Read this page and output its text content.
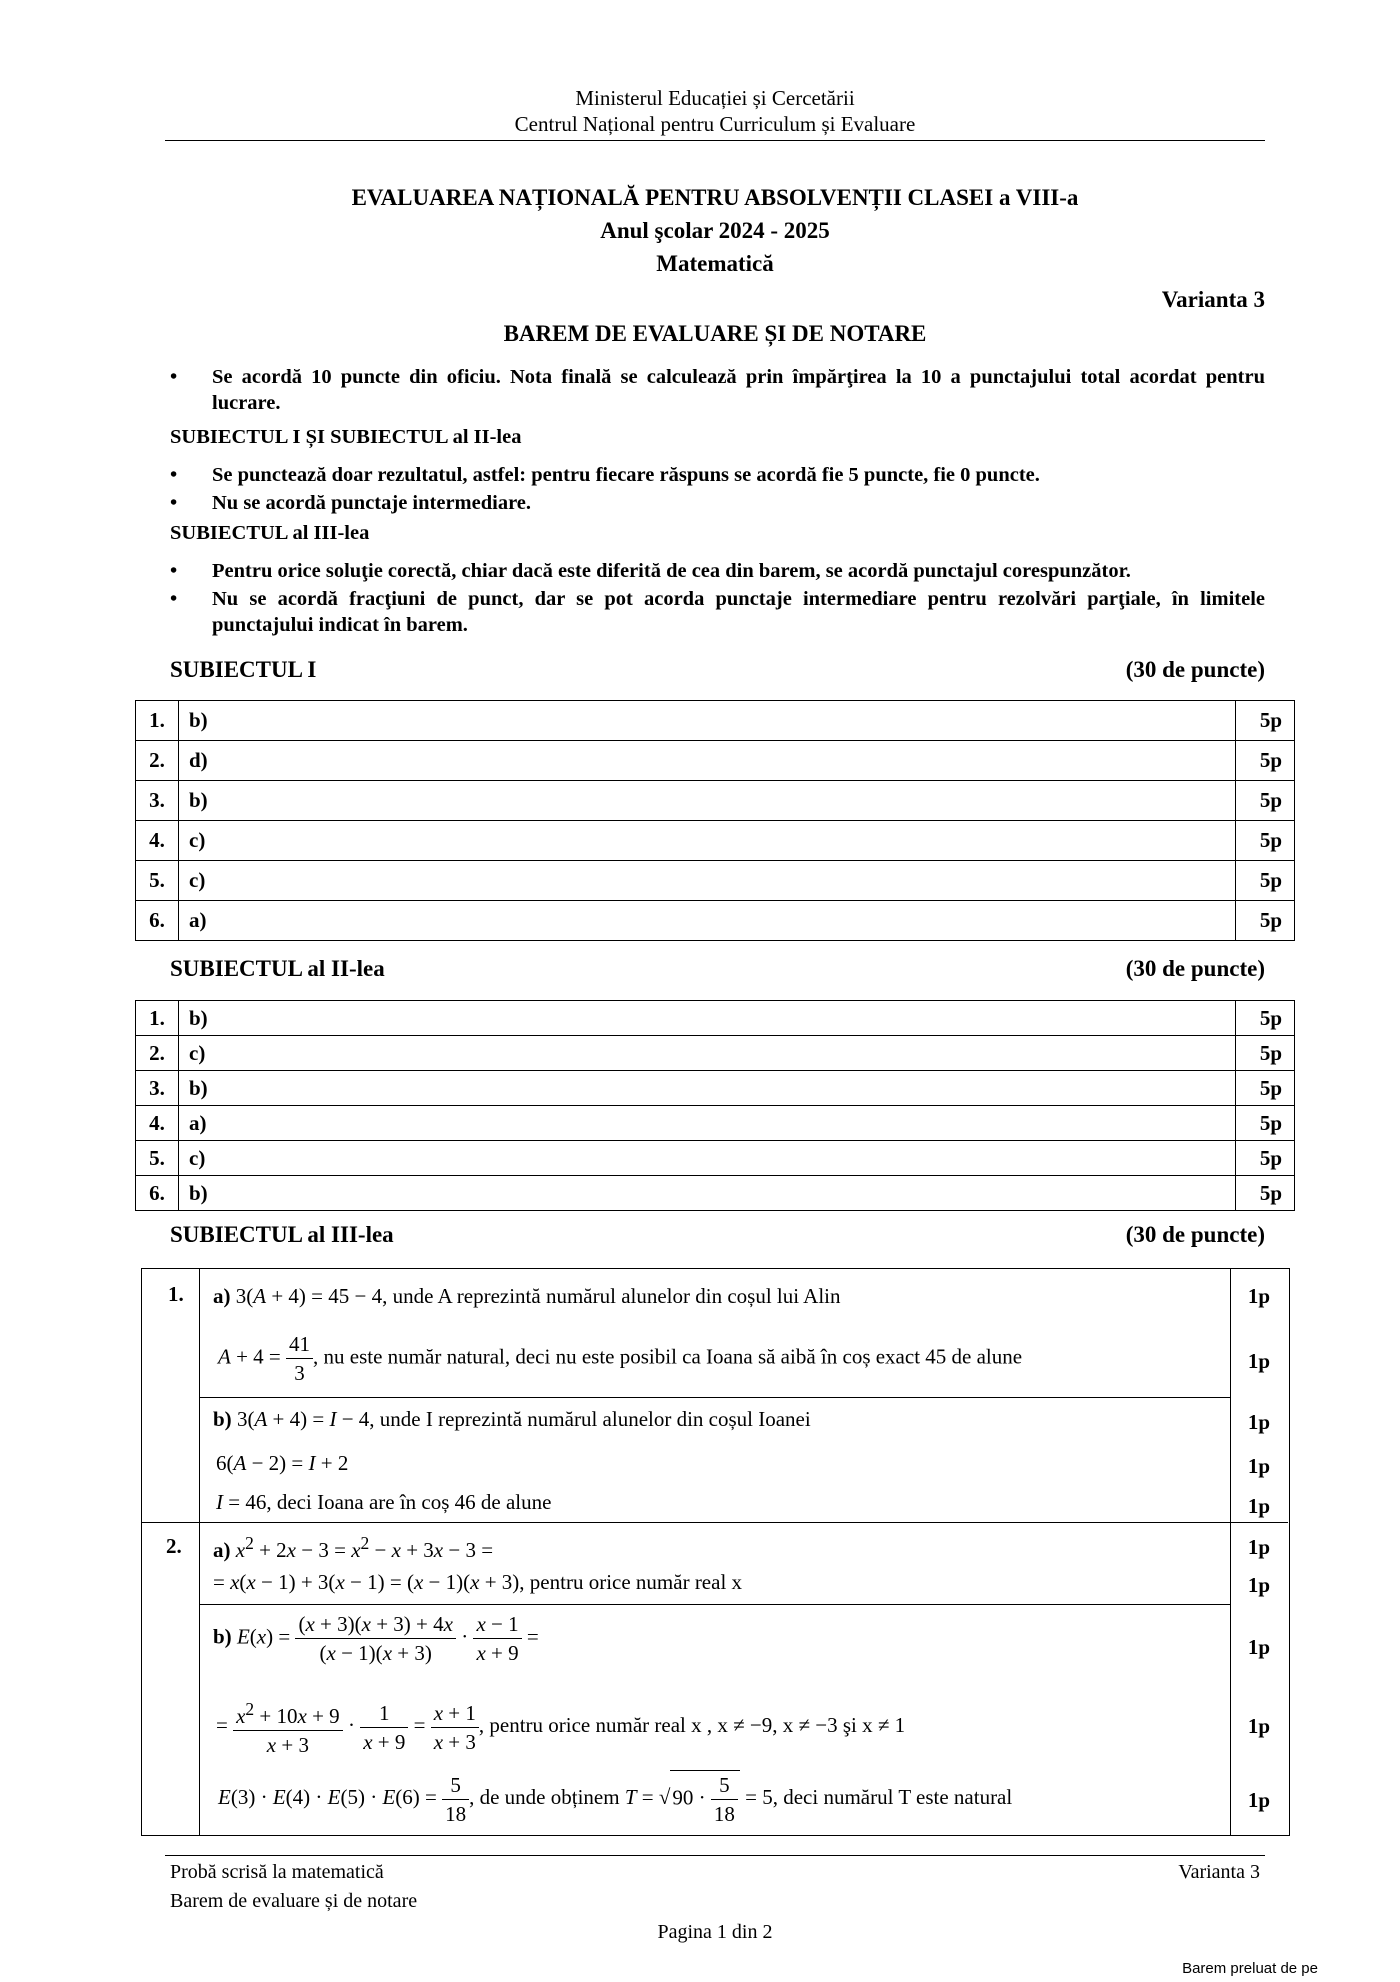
Ministerul Educației și Cercetării
Centrul Național pentru Curriculum și Evaluare
EVALUAREA NAȚIONALĂ PENTRU ABSOLVENȚII CLASEI a VIII-a
Anul şcolar 2024 - 2025
Matematică
Varianta 3
BAREM DE EVALUARE ȘI DE NOTARE
• Se acordă 10 puncte din oficiu. Nota finală se calculează prin împărţirea la 10 a punctajului total acordat pentru lucrare.
SUBIECTUL I ȘI SUBIECTUL al II-lea
• Se punctează doar rezultatul, astfel: pentru fiecare răspuns se acordă fie 5 puncte, fie 0 puncte.
• Nu se acordă punctaje intermediare.
SUBIECTUL al III-lea
• Pentru orice soluţie corectă, chiar dacă este diferită de cea din barem, se acordă punctajul corespunzător.
• Nu se acordă fracţiuni de punct, dar se pot acorda punctaje intermediare pentru rezolvări parţiale, în limitele punctajului indicat în barem.
SUBIECTUL I	(30 de puncte)
1.	b)	5p
2.	d)	5p
3.	b)	5p
4.	c)	5p
5.	c)	5p
6.	a)	5p
SUBIECTUL al II-lea	(30 de puncte)
1.	b)	5p
2.	c)	5p
3.	b)	5p
4.	a)	5p
5.	c)	5p
6.	b)	5p
SUBIECTUL al III-lea	(30 de puncte)
1. a) 3(A + 4) = 45 − 4, unde A reprezintă numărul alunelor din coșul lui Alin	1p
$A + 4 = \frac{41}{3}$ , nu este număr natural, deci nu este posibil ca Ioana să aibă în coș exact 45 de alune	1p
b) 3(A + 4) = I − 4, unde I reprezintă numărul alunelor din coșul Ioanei	1p
6(A − 2) = I + 2	1p
I = 46, deci Ioana are în coș 46 de alune	1p
2. a) $x^2 + 2x - 3 = x^2 - x + 3x - 3$ =	1p
= x(x − 1) + 3(x − 1) = (x − 1)(x + 3), pentru orice număr real x	1p
b) $E(x) = \frac{(x + 3)(x + 3) + 4x}{(x - 1)(x + 3)} \cdot \frac{x - 1}{x + 9}$ =	1p
= $\frac{x^2 + 10x + 9}{x + 3} \cdot \frac{1}{x + 9} = \frac{x + 1}{x + 3}$ , pentru orice număr real x , x ≠ −9, x ≠ −3 şi x ≠ 1	1p
$E(3) \cdot E(4) \cdot E(5) \cdot E(6) = \frac{5}{18}$ , de unde obținem $T = √90 \cdot \frac{5}{18} = 5$, deci numărul T este natural	1p
Probă scrisă la matematică
Barem de evaluare și de notare
Varianta 3
Pagina 1 din 2
Barem preluat de pe
